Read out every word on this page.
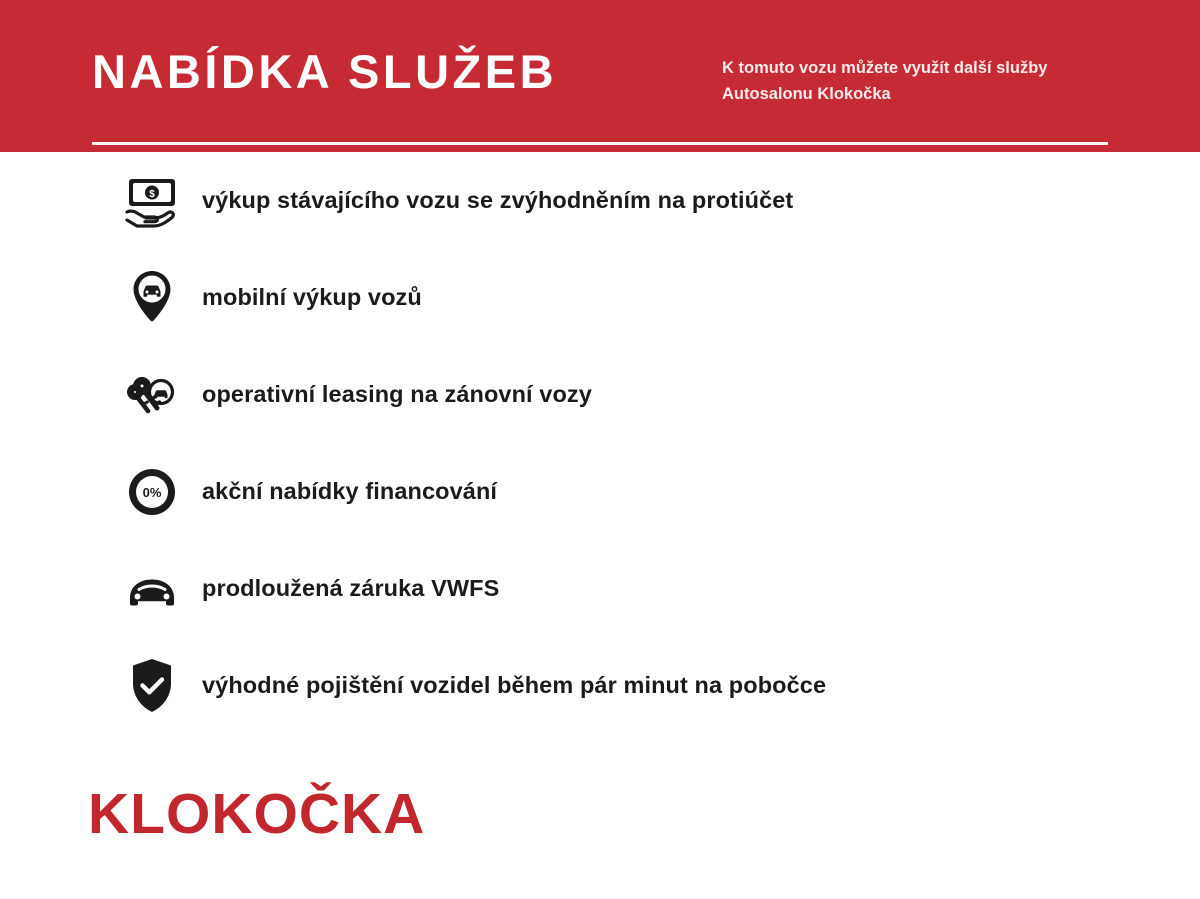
NABÍDKA SLUŽEB	K tomuto vozu můžete využít další služby Autosalonu Klokočka
$ výkup stávajícího vozu se zvýhodněním na protiúčet
mobilní výkup vozů
operativní leasing na zánovní vozy
0% akční nabídky financování
prodloužená záruka VWFS
výhodné pojištění vozidel během pár minut na pobočce
KLOKOČKA
